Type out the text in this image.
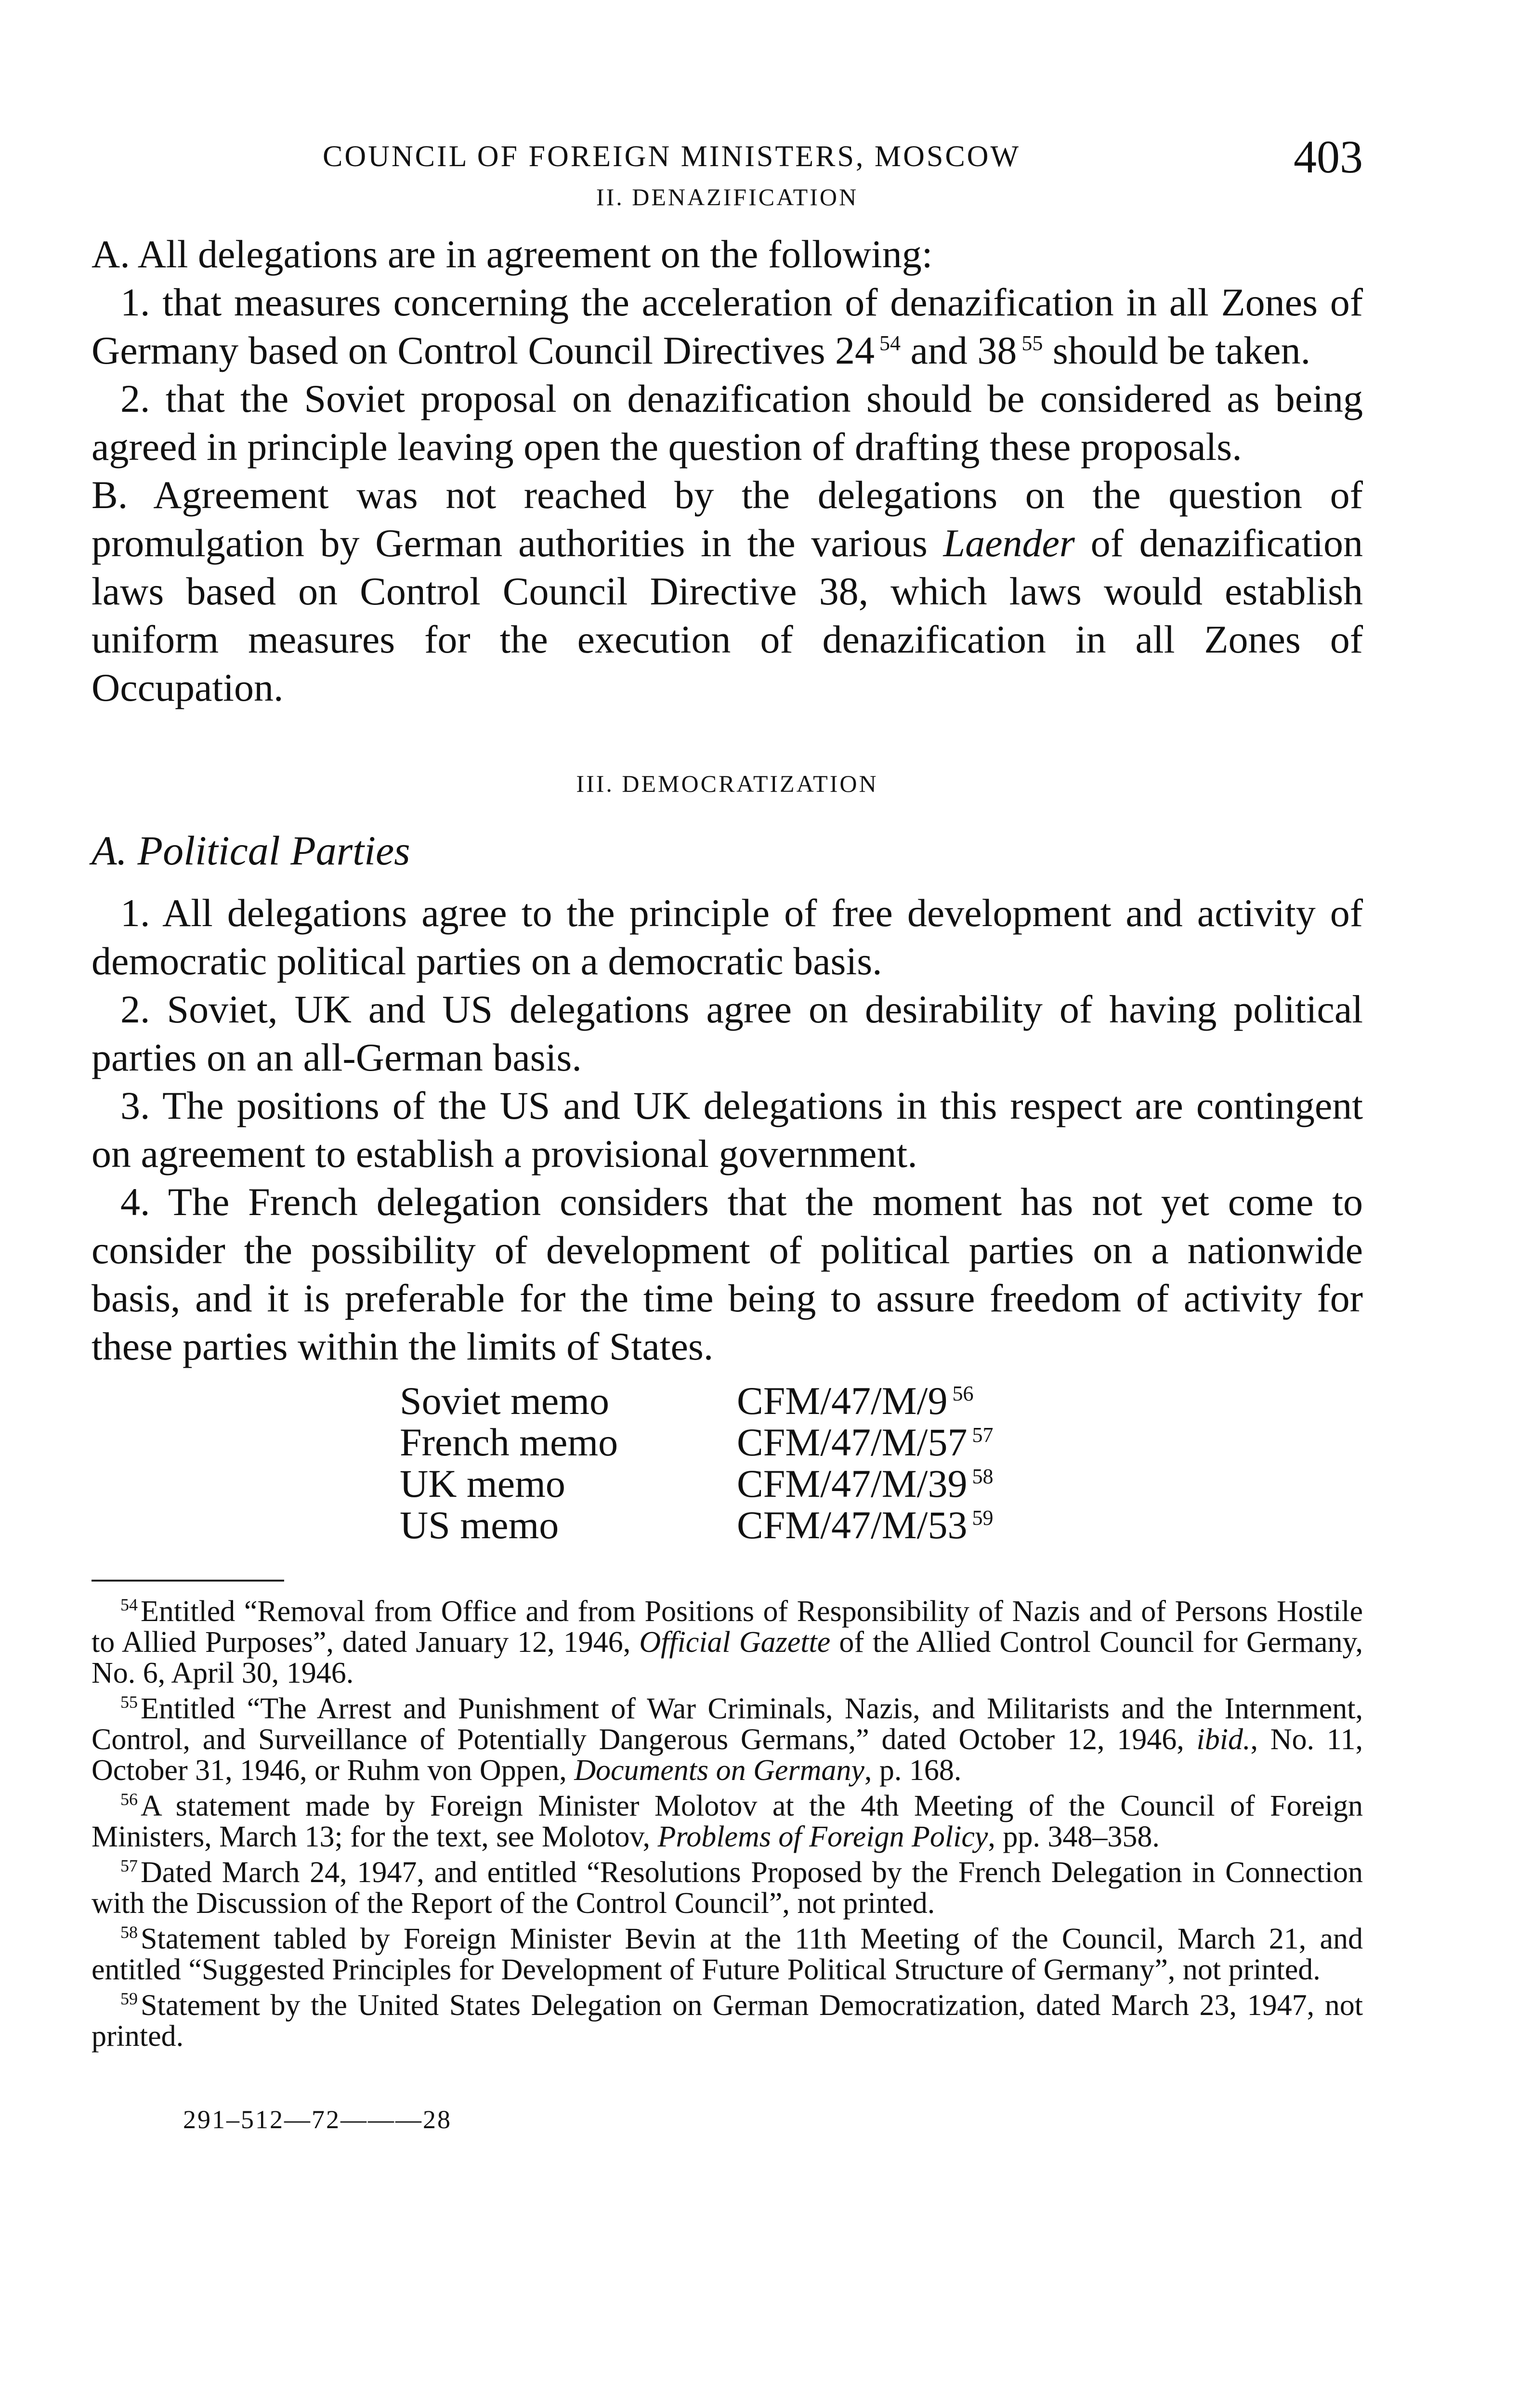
COUNCIL OF FOREIGN MINISTERS, MOSCOW	403
II. DENAZIFICATION

A. All delegations are in agreement on the following:

1. that measures concerning the acceleration of denazification in all Zones of Germany based on Control Council Directives 24 $^{54}$ and 38 $^{55}$ should be taken.

2. that the Soviet proposal on denazification should be considered as being agreed in principle leaving open the question of drafting these proposals.

B. Agreement was not reached by the delegations on the question of promulgation by German authorities in the various Laender of denazification laws based on Control Council Directive 38, which laws would establish uniform measures for the execution of denazification in all Zones of Occupation.

III. DEMOCRATIZATION
A. Political Parties

1. All delegations agree to the principle of free development and activity of democratic political parties on a democratic basis.

2. Soviet, UK and US delegations agree on desirability of having political parties on an all-German basis.

3. The positions of the US and UK delegations in this respect are contingent on agreement to establish a provisional government.

4. The French delegation considers that the moment has not yet come to consider the possibility of development of political parties on a nationwide basis, and it is preferable for the time being to assure freedom of activity for these parties within the limits of States.

Soviet memo	CFM/47/M/9 $^{56}$
French memo	CFM/47/M/57 $^{57}$
UK memo	CFM/47/M/39 $^{58}$
US memo	CFM/47/M/53 $^{59}$

$^{54}$Entitled “Removal from Office and from Positions of Responsibility of Nazis and of Persons Hostile to Allied Purposes”, dated January 12, 1946, Official Gazette of the Allied Control Council for Germany, No. 6, April 30, 1946.

$^{55}$Entitled “The Arrest and Punishment of War Criminals, Nazis, and Militarists and the Internment, Control, and Surveillance of Potentially Dangerous Germans,” dated October 12, 1946, ibid., No. 11, October 31, 1946, or Ruhm von Oppen, Documents on Germany, p. 168.

$^{56}$A statement made by Foreign Minister Molotov at the 4th Meeting of the Council of Foreign Ministers, March 13; for the text, see Molotov, Problems of Foreign Policy, pp. 348–358.

$^{57}$Dated March 24, 1947, and entitled “Resolutions Proposed by the French Delegation in Connection with the Discussion of the Report of the Control Council”, not printed.

$^{58}$Statement tabled by Foreign Minister Bevin at the 11th Meeting of the Council, March 21, and entitled “Suggested Principles for Development of Future Political Structure of Germany”, not printed.

$^{59}$Statement by the United States Delegation on German Democratization, dated March 23, 1947, not printed.

291–512—72———28
